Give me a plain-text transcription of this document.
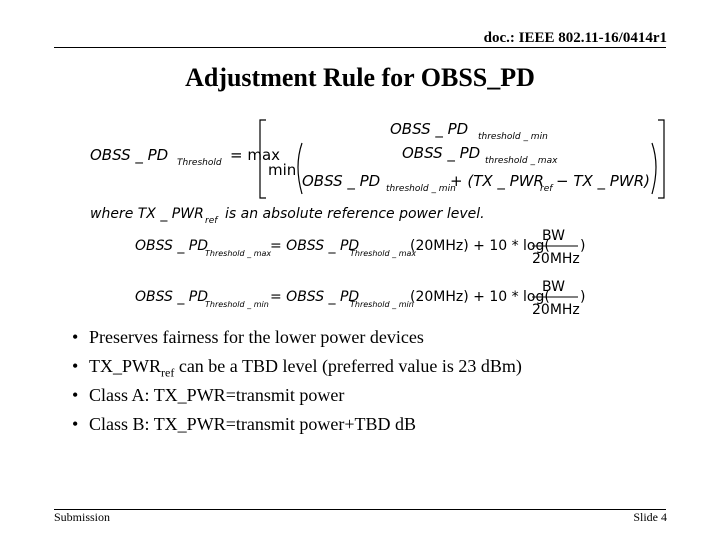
doc.: IEEE 802.11-16/0414r1
Adjustment Rule for OBSS_PD
OBSS _ PD Threshold = max
OBSS _ PD threshold _ min
min
OBSS _ PD threshold _ max
OBSS _ PD threshold _ min
+ (TX _ PWR
ref − TX _ PWR)
where TX _ PWR ref is an absolute reference power level.
OBSS _ PD
Threshold _ max
= OBSS _ PD
Threshold _ max
(20MHz) + 10 * log(
BW
20MHz
)
OBSS _ PD
Threshold _ min = OBSS _ PD
Threshold _ min
(20MHz) + 10 * log(
BW
20MHz
)
• Preserves fairness for the lower power devices
• $TX\_PWR_{ref}$ can be a TBD level (preferred value is 23 dBm)
• Class A: TX_PWR=transmit power
• Class B: TX_PWR=transmit power+TBD dB
Submission	Slide 4
